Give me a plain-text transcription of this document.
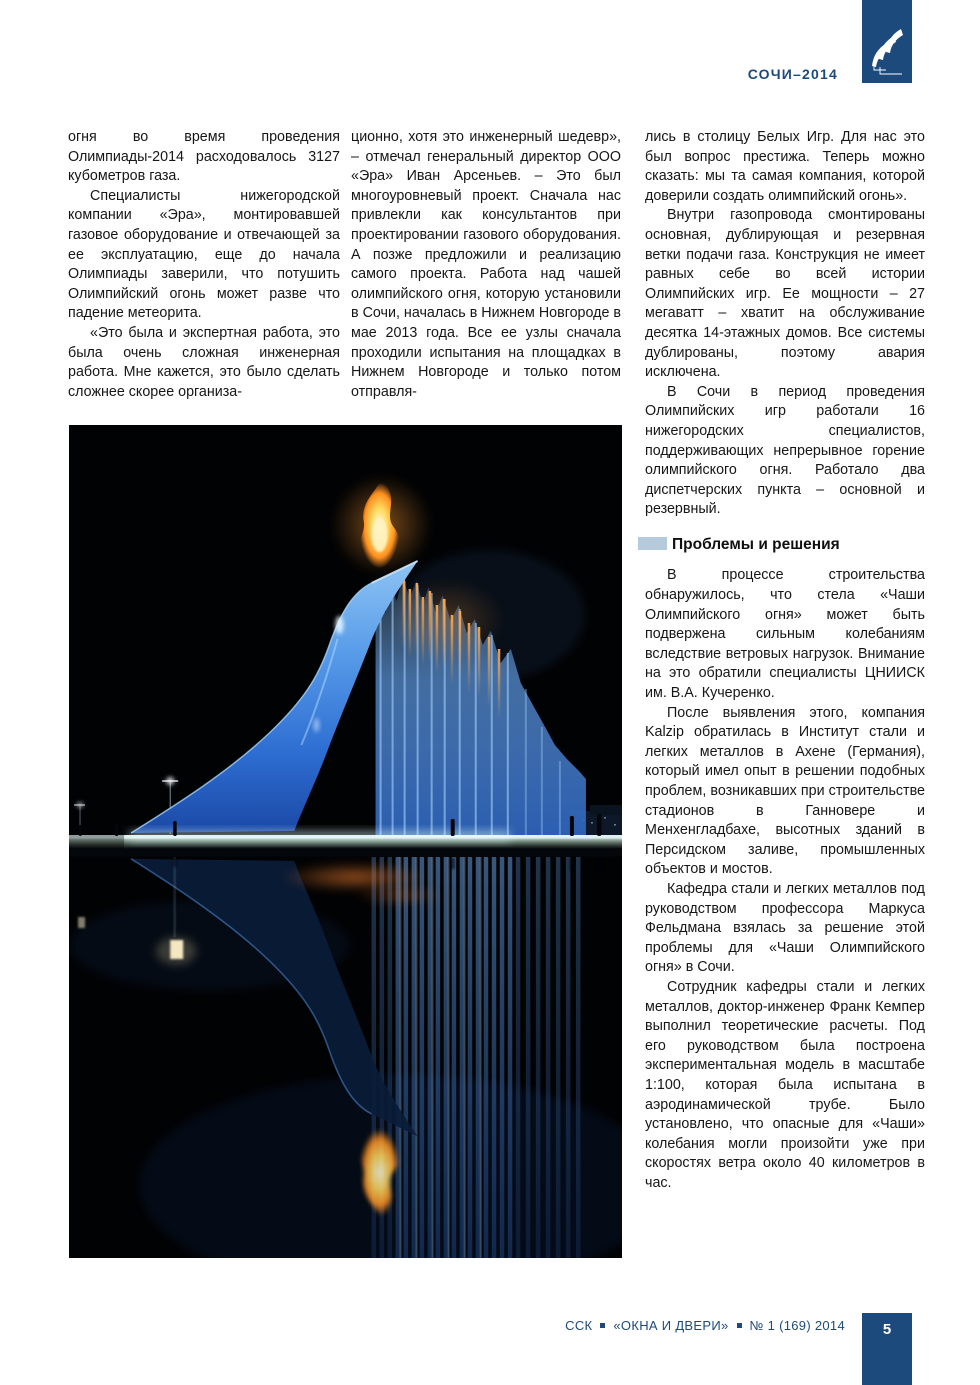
СОЧИ–2014

огня во время проведения Олимпиады-2014 расходовалось 3127 кубометров газа.

Специалисты нижегородской компании «Эра», монтировавшей газовое оборудование и отвечающей за ее эксплуатацию, еще до начала Олимпиады заверили, что потушить Олимпийский огонь может разве что падение метеорита.

«Это была и экспертная работа, это была очень сложная инженерная работа. Мне кажется, это было сделать сложнее скорее организа-

ционно, хотя это инженерный шедевр», – отмечал генеральный директор ООО «Эра» Иван Арсеньев. – Это был многоуровневый проект. Сначала нас привлекли как консультантов при проектировании газового оборудования. А позже предложили и реализацию самого проекта. Работа над чашей олимпийского огня, которую установили в Сочи, началась в Нижнем Новгороде в мае 2013 года. Все ее узлы сначала проходили испытания на площадках в Нижнем Новгороде и только потом отправля-

лись в столицу Белых Игр. Для нас это был вопрос престижа. Теперь можно сказать: мы та самая компания, которой доверили создать олимпийский огонь».

Внутри газопровода смонтированы основная, дублирующая и резервная ветки подачи газа. Конструкция не имеет равных себе во всей истории Олимпийских игр. Ее мощности – 27 мегаватт – хватит на обслуживание десятка 14-этажных домов. Все системы дублированы, поэтому авария исключена.

В Сочи в период проведения Олимпийских игр работали 16 нижегородских специалистов, поддерживающих непрерывное горение олимпийского огня. Работало два диспетчерских пункта – основной и резервный.

Проблемы и решения

В процессе строительства обнаружилось, что стела «Чаши Олимпийского огня» может быть подвержена сильным колебаниям вследствие ветровых нагрузок. Внимание на это обратили специалисты ЦНИИСК им. В.А. Кучеренко.

После выявления этого, компания Kalzip обратилась в Институт стали и легких металлов в Ахене (Германия), который имел опыт в решении подобных проблем, возникавших при строительстве стадионов в Ганновере и Менхенгладбахе, высотных зданий в Персидском заливе, промышленных объектов и мостов.

Кафедра стали и легких металлов под руководством профессора Маркуса Фельдмана взялась за решение этой проблемы для «Чаши Олимпийского огня» в Сочи.

Сотрудник кафедры стали и легких металлов, доктор-инженер Франк Кемпер выполнил теоретические расчеты. Под его руководством была построена экспериментальная модель в масштабе 1:100, которая была испытана в аэродинамической трубе. Было установлено, что опасные для «Чаши» колебания могли произойти уже при скоростях ветра около 40 километров в час.

ССК «ОКНА И ДВЕРИ» № 1 (169) 2014	5
